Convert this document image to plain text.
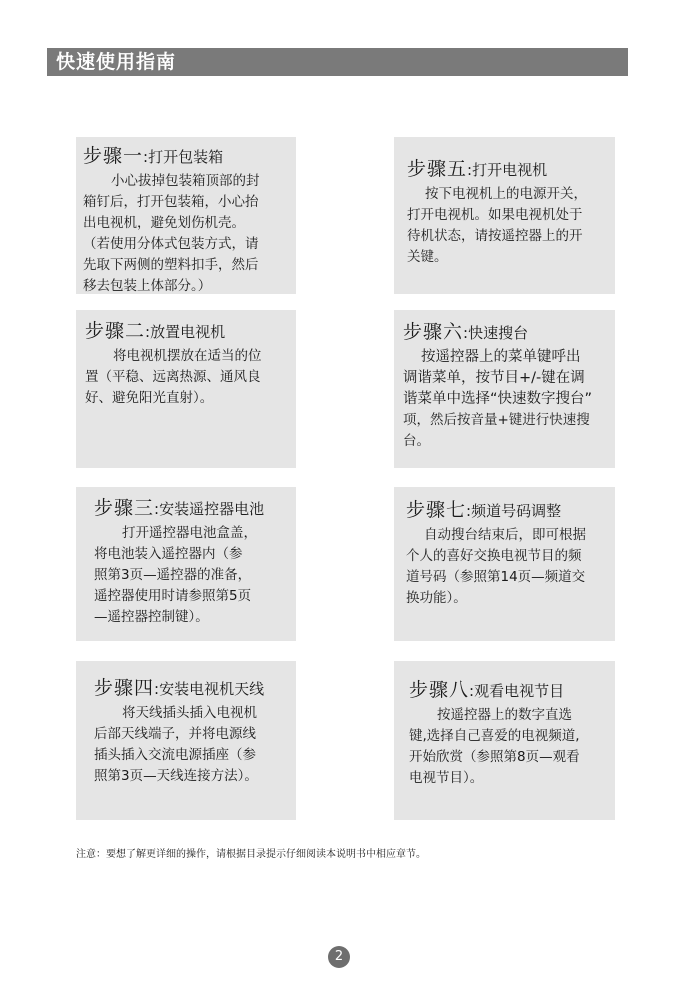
快速使用指南
步骤一:打开包装箱
小心拔掉包装箱顶部的封
箱钉后，打开包装箱，小心抬
出电视机，避免划伤机壳。
（若使用分体式包装方式，请
先取下两侧的塑料扣手，然后
移去包装上体部分。）
步骤二:放置电视机
将电视机摆放在适当的位
置（平稳、远离热源、通风良
好、避免阳光直射）。
步骤三:安装遥控器电池
打开遥控器电池盒盖，
将电池装入遥控器内（参
照第3页—遥控器的准备，
遥控器使用时请参照第5页
—遥控器控制键）。
步骤四:安装电视机天线
将天线插头插入电视机
后部天线端子，并将电源线
插头插入交流电源插座（参
照第3页—天线连接方法）。
步骤五:打开电视机
按下电视机上的电源开关，
打开电视机。如果电视机处于
待机状态，请按遥控器上的开
关键。
步骤六:快速搜台
按遥控器上的菜单键呼出
调谐菜单，按节目+/-键在调
谐菜单中选择“快速数字搜台”
项，然后按音量+键进行快速搜
台。
步骤七:频道号码调整
自动搜台结束后，即可根据
个人的喜好交换电视节目的频
道号码（参照第14页—频道交
换功能）。
步骤八:观看电视节目
按遥控器上的数字直选
键,选择自己喜爱的电视频道,
开始欣赏（参照第8页—观看
电视节目）。
注意：要想了解更详细的操作，请根据目录提示仔细阅读本说明书中相应章节。
2
